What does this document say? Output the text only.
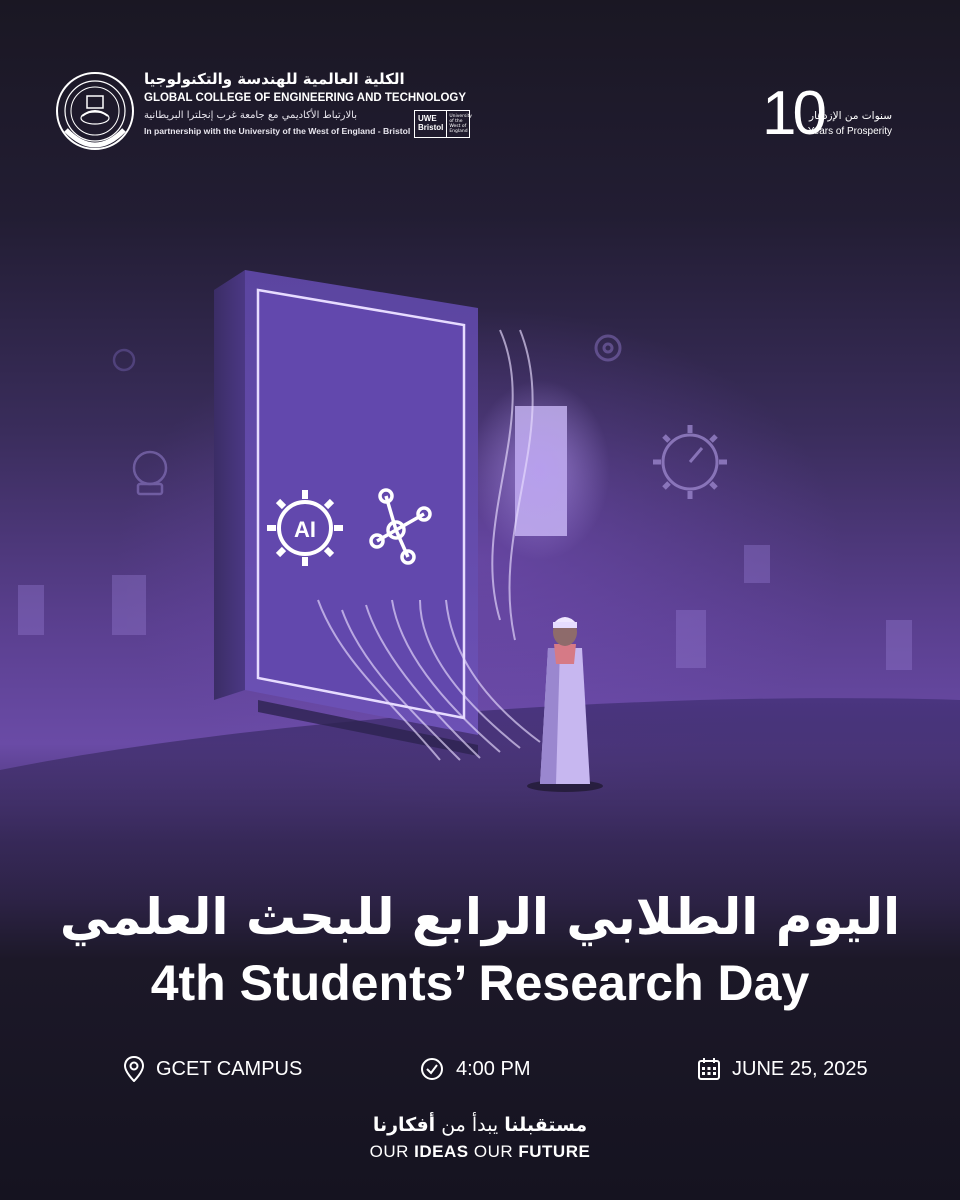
AI
الكلية العالمية للهندسة والتكنولوجيا
GLOBAL COLLEGE OF ENGINEERING AND TECHNOLOGY
بالارتباط الأكاديمي مع جامعة غرب إنجلترا البريطانية
In partnership with the University of the West of England - Bristol
UWE
Bristol
University of the West of England	10
سنوات من الإزدهار
Years of Prosperity
اليوم الطلابي الرابع للبحث العلمي
4th Students’ Research Day
GCET CAMPUS	4:00 PM	JUNE 25, 2025
مستقبلنا يبدأ من أفكارنا
OUR IDEAS OUR FUTURE
